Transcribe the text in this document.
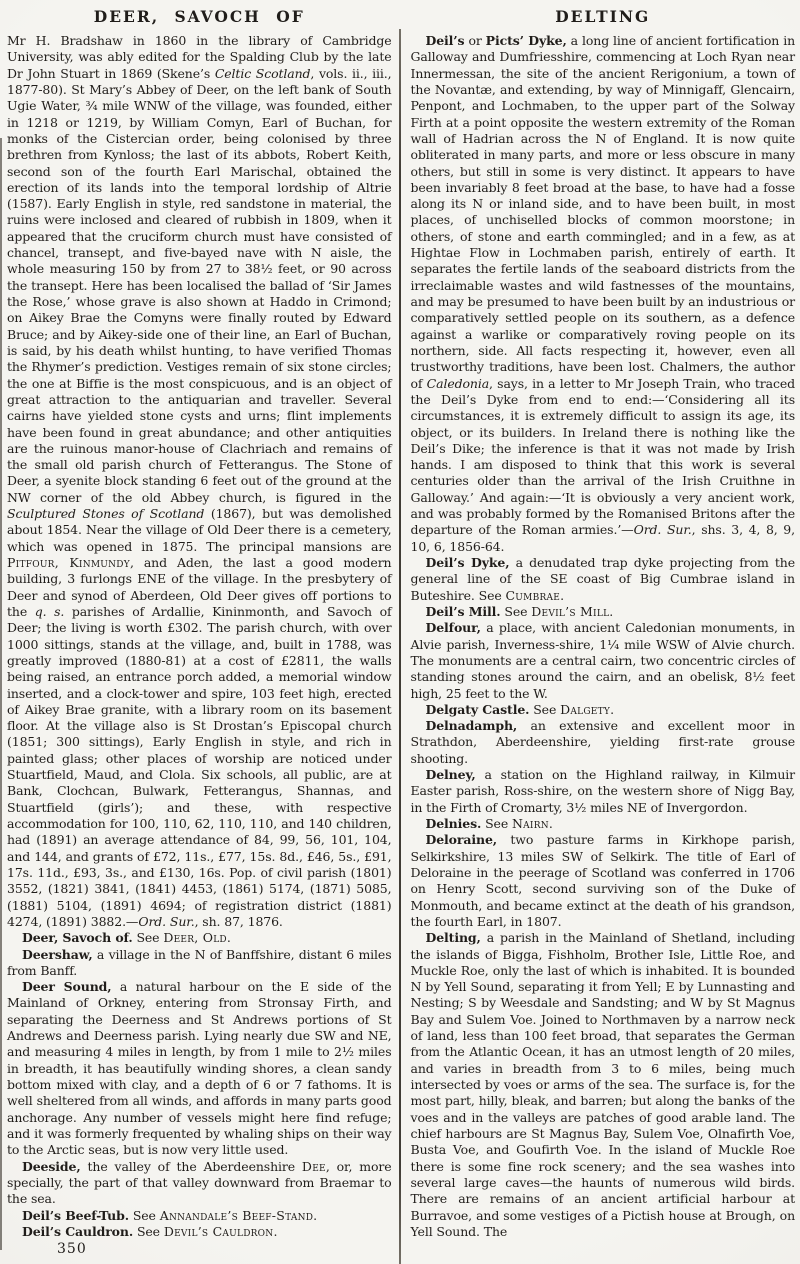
DEER, SAVOCH OF

Mr H. Bradshaw in 1860 in the library of Cambridge University, was ably edited for the Spalding Club by the late Dr John Stuart in 1869 (Skene’s Celtic Scotland, vols. ii., iii., 1877-80). St Mary’s Abbey of Deer, on the left bank of South Ugie Water, ¾ mile WNW of the village, was founded, either in 1218 or 1219, by William Comyn, Earl of Buchan, for monks of the Cistercian order, being colonised by three brethren from Kynloss; the last of its abbots, Robert Keith, second son of the fourth Earl Marischal, obtained the erection of its lands into the temporal lordship of Altrie (1587). Early English in style, red sandstone in material, the ruins were inclosed and cleared of rubbish in 1809, when it appeared that the cruciform church must have consisted of chancel, transept, and five-bayed nave with N aisle, the whole measuring 150 by from 27 to 38½ feet, or 90 across the transept. Here has been localised the ballad of ‘Sir James the Rose,’ whose grave is also shown at Haddo in Crimond; on Aikey Brae the Comyns were finally routed by Edward Bruce; and by Aikey-side one of their line, an Earl of Buchan, is said, by his death whilst hunting, to have verified Thomas the Rhymer’s prediction. Vestiges remain of six stone circles; the one at Biffie is the most conspicuous, and is an object of great attraction to the antiquarian and traveller. Several cairns have yielded stone cysts and urns; flint implements have been found in great abundance; and other antiquities are the ruinous manor-house of Clachriach and remains of the small old parish church of Fetterangus. The Stone of Deer, a syenite block standing 6 feet out of the ground at the NW corner of the old Abbey church, is figured in the Sculptured Stones of Scotland (1867), but was demolished about 1854. Near the village of Old Deer there is a cemetery, which was opened in 1875. The principal mansions are Pitfour, Kinmundy, and Aden, the last a good modern building, 3 furlongs ENE of the village. In the presbytery of Deer and synod of Aberdeen, Old Deer gives off portions to the q. s. parishes of Ardallie, Kininmonth, and Savoch of Deer; the living is worth £302. The parish church, with over 1000 sittings, stands at the village, and, built in 1788, was greatly improved (1880-81) at a cost of £2811, the walls being raised, an entrance porch added, a memorial window inserted, and a clock-tower and spire, 103 feet high, erected of Aikey Brae granite, with a library room on its basement floor. At the village also is St Drostan’s Episcopal church (1851; 300 sittings), Early English in style, and rich in painted glass; other places of worship are noticed under Stuartfield, Maud, and Clola. Six schools, all public, are at Bank, Clochcan, Bulwark, Fetterangus, Shannas, and Stuartfield (girls’); and these, with respective accommodation for 100, 110, 62, 110, 110, and 140 children, had (1891) an average attendance of 84, 99, 56, 101, 104, and 144, and grants of £72, 11s., £77, 15s. 8d., £46, 5s., £91, 17s. 11d., £93, 3s., and £130, 16s. Pop. of civil parish (1801) 3552, (1821) 3841, (1841) 4453, (1861) 5174, (1871) 5085, (1881) 5104, (1891) 4694; of registration district (1881) 4274, (1891) 3882.—Ord. Sur., sh. 87, 1876.

Deer, Savoch of. See Deer, Old.

Deershaw, a village in the N of Banffshire, distant 6 miles from Banff.

Deer Sound, a natural harbour on the E side of the Mainland of Orkney, entering from Stronsay Firth, and separating the Deerness and St Andrews portions of St Andrews and Deerness parish. Lying nearly due SW and NE, and measuring 4 miles in length, by from 1 mile to 2½ miles in breadth, it has beautifully winding shores, a clean sandy bottom mixed with clay, and a depth of 6 or 7 fathoms. It is well sheltered from all winds, and affords in many parts good anchorage. Any number of vessels might here find refuge; and it was formerly frequented by whaling ships on their way to the Arctic seas, but is now very little used.

Deeside, the valley of the Aberdeenshire Dee, or, more specially, the part of that valley downward from Braemar to the sea.

Deil’s Beef-Tub. See Annandale’s Beef-Stand.

Deil’s Cauldron. See Devil’s Cauldron.

350
DELTING

Deil’s or Picts’ Dyke, a long line of ancient fortification in Galloway and Dumfriesshire, commencing at Loch Ryan near Innermessan, the site of the ancient Rerigonium, a town of the Novantæ, and extending, by way of Minnigaff, Glencairn, Penpont, and Lochmaben, to the upper part of the Solway Firth at a point opposite the western extremity of the Roman wall of Hadrian across the N of England. It is now quite obliterated in many parts, and more or less obscure in many others, but still in some is very distinct. It appears to have been invariably 8 feet broad at the base, to have had a fosse along its N or inland side, and to have been built, in most places, of unchiselled blocks of common moorstone; in others, of stone and earth commingled; and in a few, as at Hightae Flow in Lochmaben parish, entirely of earth. It separates the fertile lands of the seaboard districts from the irreclaimable wastes and wild fastnesses of the mountains, and may be presumed to have been built by an industrious or comparatively settled people on its southern, as a defence against a warlike or comparatively roving people on its northern, side. All facts respecting it, however, even all trustworthy traditions, have been lost. Chalmers, the author of Caledonia, says, in a letter to Mr Joseph Train, who traced the Deil’s Dyke from end to end:—‘Considering all its circumstances, it is extremely difficult to assign its age, its object, or its builders. In Ireland there is nothing like the Deil’s Dike; the inference is that it was not made by Irish hands. I am disposed to think that this work is several centuries older than the arrival of the Irish Cruithne in Galloway.’ And again:—‘It is obviously a very ancient work, and was probably formed by the Romanised Britons after the departure of the Roman armies.’—Ord. Sur., shs. 3, 4, 8, 9, 10, 6, 1856-64.

Deil’s Dyke, a denudated trap dyke projecting from the general line of the SE coast of Big Cumbrae island in Buteshire. See Cumbrae.

Deil’s Mill. See Devil’s Mill.

Delfour, a place, with ancient Caledonian monuments, in Alvie parish, Inverness-shire, 1¼ mile WSW of Alvie church. The monuments are a central cairn, two concentric circles of standing stones around the cairn, and an obelisk, 8½ feet high, 25 feet to the W.

Delgaty Castle. See Dalgety.

Delnadamph, an extensive and excellent moor in Strathdon, Aberdeenshire, yielding first-rate grouse shooting.

Delney, a station on the Highland railway, in Kilmuir Easter parish, Ross-shire, on the western shore of Nigg Bay, in the Firth of Cromarty, 3½ miles NE of Invergordon.

Delnies. See Nairn.

Deloraine, two pasture farms in Kirkhope parish, Selkirkshire, 13 miles SW of Selkirk. The title of Earl of Deloraine in the peerage of Scotland was conferred in 1706 on Henry Scott, second surviving son of the Duke of Monmouth, and became extinct at the death of his grandson, the fourth Earl, in 1807.

Delting, a parish in the Mainland of Shetland, including the islands of Bigga, Fishholm, Brother Isle, Little Roe, and Muckle Roe, only the last of which is inhabited. It is bounded N by Yell Sound, separating it from Yell; E by Lunnasting and Nesting; S by Weesdale and Sandsting; and W by St Magnus Bay and Sulem Voe. Joined to Northmaven by a narrow neck of land, less than 100 feet broad, that separates the German from the Atlantic Ocean, it has an utmost length of 20 miles, and varies in breadth from 3 to 6 miles, being much intersected by voes or arms of the sea. The surface is, for the most part, hilly, bleak, and barren; but along the banks of the voes and in the valleys are patches of good arable land. The chief harbours are St Magnus Bay, Sulem Voe, Olnafirth Voe, Busta Voe, and Goufirth Voe. In the island of Muckle Roe there is some fine rock scenery; and the sea washes into several large caves—the haunts of numerous wild birds. There are remains of an ancient artificial harbour at Burravoe, and some vestiges of a Pictish house at Brough, on Yell Sound. The
